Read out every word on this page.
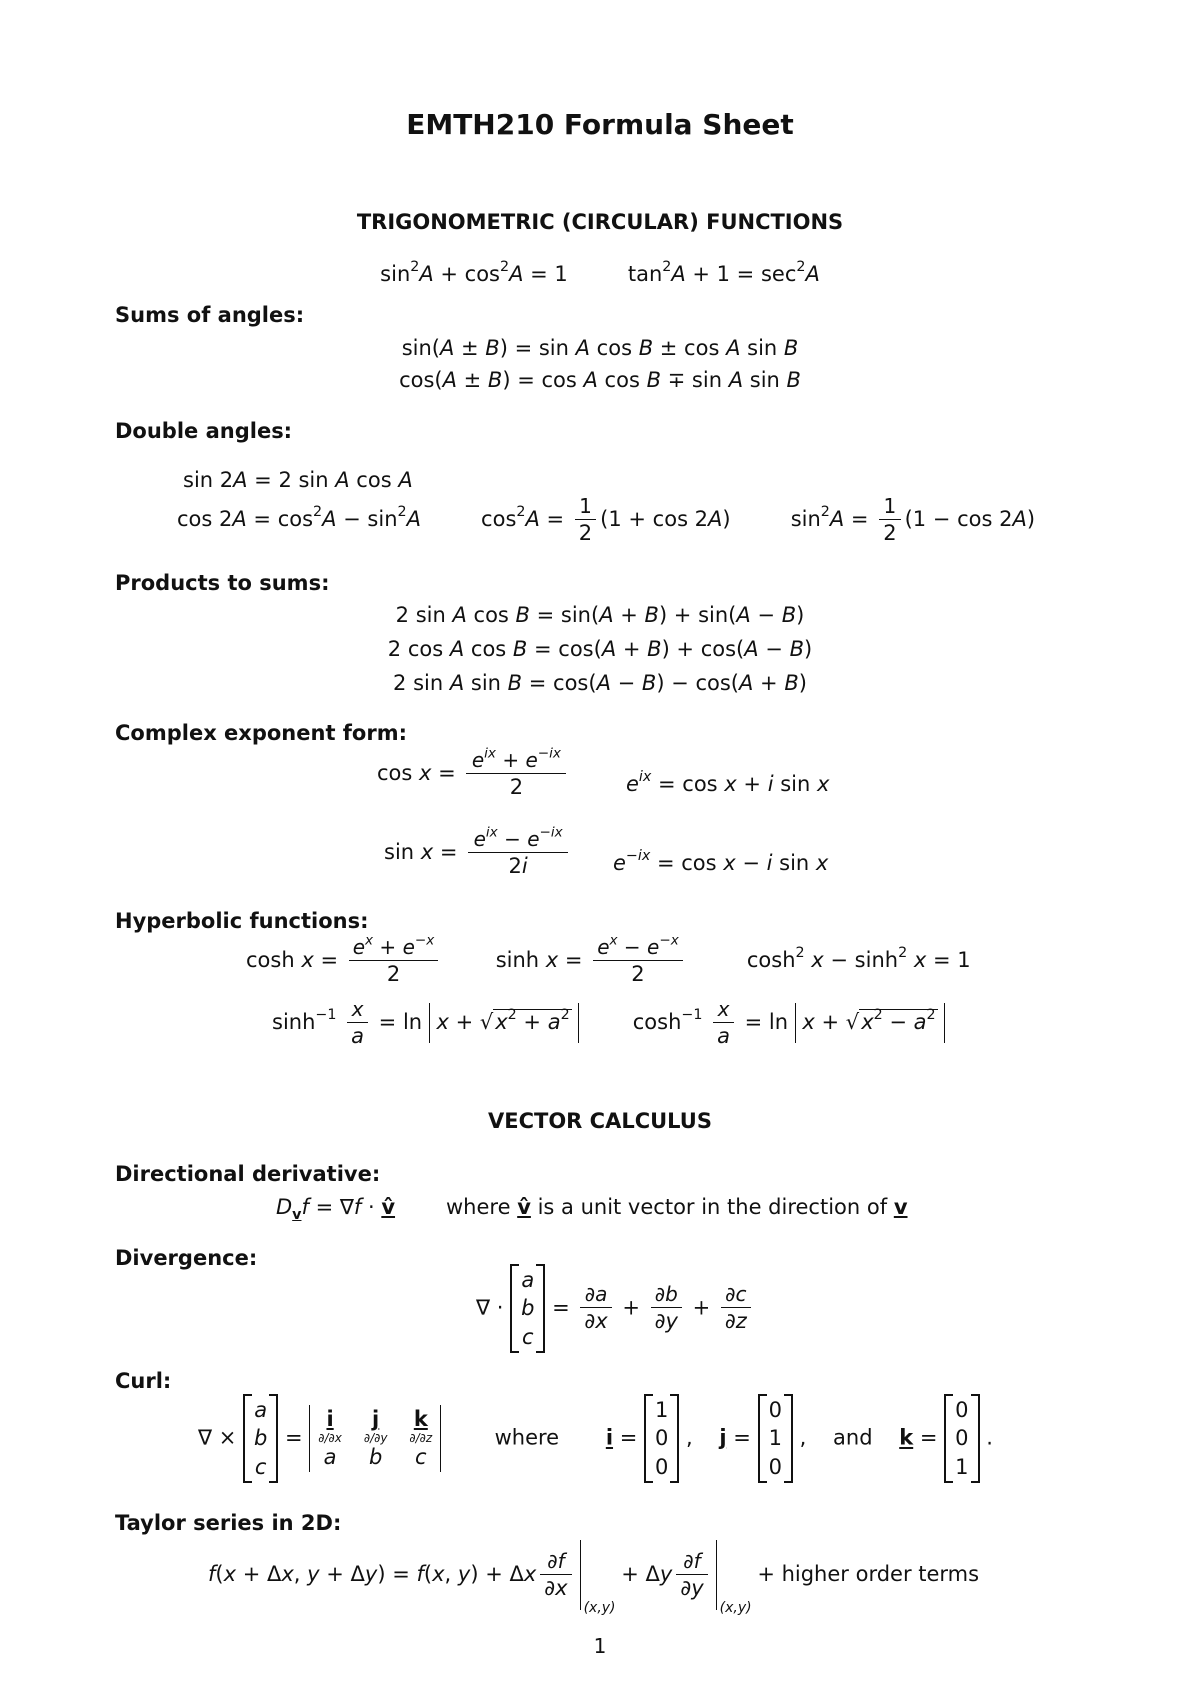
EMTH210 Formula Sheet
TRIGONOMETRIC (CIRCULAR) FUNCTIONS
$\sin^2A + \cos^2A = 1$         $\tan^2A + 1 = \sec^2A$
Sums of angles:
sin(A ± B) = sin A cos B ± cos A sin B
cos(A ± B) = cos A cos B ∓ sin A sin B
Double angles:
sin 2A = 2 sin A cos A
$\cos 2A = \cos^2A - \sin^2A$         $\cos^2A = \frac{1}{2} (1 + \cos 2A)$         $\sin^2A = \frac{1}{2} (1 - \cos 2A)$
Products to sums:
2 sin A cos B = sin(A + B) + sin(A − B)
2 cos A cos B = cos(A + B) + cos(A − B)
2 sin A sin B = cos(A − B) − cos(A + B)
Complex exponent form:
$\cos x = \frac{e^{ix} + e^{-ix}}{2}$	$e^{ix} = \cos x + i$ sin x
$\sin x = \frac{e^{ix} - e^{-ix}}{2i} e^{-ix} = \cos x - i$ sin x
Hyperbolic functions:
$\cosh x = \frac{e^x + e^{-x}}{2}$ $\sinh x = \frac{e^x - e^{-x}}{2} \cosh^2 x - \sinh^2 x = 1$
$\sinh^{-1} \frac{x}{a} = \ln x + √x^2 + a^2$         $\cosh^{-1} \frac{x}{a} = \ln x + √x^2 - a^2$
VECTOR CALCULUS
Directional derivative:
$D_vf = \nabla f$ · v̂ where v̂ is a unit vector in the direction of v
Divergence:
∇ ·
a
b
c
= $\frac{\partial a}{\partial x} + \frac{\partial b}{\partial y} + \frac{\partial c}{\partial z}$
Curl:
∇ ×
a
b
c
=
i	j	k
∂/∂x ∂/∂y ∂/∂z
a b c
where i =
1
0
0
,    j =
0
1
0
,    and k =
0
0
1
.
Taylor series in 2D:
f(x + Δx, y + Δy) = f(x, y) + Δx $\frac{\partial f}{\partial x}$
(x,y)
+ Δy $\frac{\partial f}{\partial y}$
(x,y)
+ higher order terms
1
